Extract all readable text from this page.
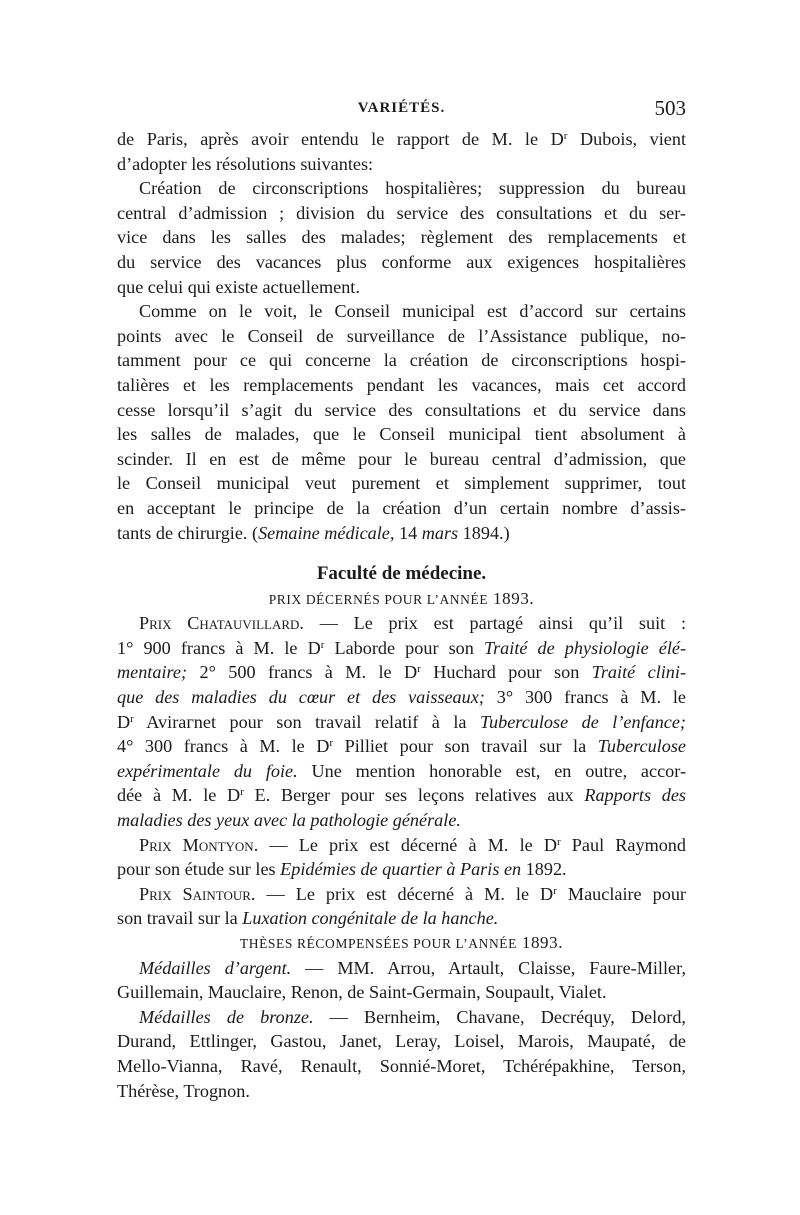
VARIÉTÉS.	503
de Paris, après avoir entendu le rapport de M. le $D^r$ Dubois, vient
d’adopter les résolutions suivantes:
Création de circonscriptions hospitalières; suppression du bureau
central d’admission ; division du service des consultations et du ser-
vice dans les salles des malades; règlement des remplacements et
du service des vacances plus conforme aux exigences hospitalières
que celui qui existe actuellement.
Comme on le voit, le Conseil municipal est d’accord sur certains
points avec le Conseil de surveillance de l’Assistance publique, no-
tamment pour ce qui concerne la création de circonscriptions hospi-
talières et les remplacements pendant les vacances, mais cet accord
cesse lorsqu’il s’agit du service des consultations et du service dans
les salles de malades, que le Conseil municipal tient absolument à
scinder. Il en est de même pour le bureau central d’admission, que
le Conseil municipal veut purement et simplement supprimer, tout
en acceptant le principe de la création d’un certain nombre d’assis-
tants de chirurgie. (Semaine médicale, 14 mars 1894.)
Faculté de médecine.
PRIX DÉCERNÉS POUR L’ANNÉE 1893.
Prix Chatauvillard. — Le prix est partagé ainsi qu’il suit :
1° 900 francs à M. le $D^r$ Laborde pour son Traité de physiologie élé-
mentaire; 2° 500 francs à M. le $D^r$ Huchard pour son Traité clini-
que des maladies du cœur et des vaisseaux; 3° 300 francs à M. le
$D^r$ Avirагnet pour son travail relatif à la Tuberculose de l’enfance;
4° 300 francs à M. le $D^r$ Pilliet pour son travail sur la Tuberculose
expérimentale du foie. Une mention honorable est, en outre, accor-
dée à M. le $D^r$ E. Berger pour ses leçons relatives aux Rapports des
maladies des yeux avec la pathologie générale.
Prix Montyon. — Le prix est décerné à M. le $D^r$ Paul Raymond
pour son étude sur les Epidémies de quartier à Paris en 1892.
Prix Saintour. — Le prix est décerné à M. le $D^r$ Mauclaire pour
son travail sur la Luxation congénitale de la hanche.
THÈSES RÉCOMPENSÉES POUR L’ANNÉE 1893.
Médailles d’argent. — MM. Arrou, Artault, Claisse, Faure-Miller,
Guillemain, Mauclaire, Renon, de Saint-Germain, Soupault, Vialet.
Médailles de bronze. — Bernheim, Chavane, Decréquy, Delord,
Durand, Ettlinger, Gastou, Janet, Leray, Loisel, Marois, Maupaté, de
Mello-Vianna, Ravé, Renault, Sonnié-Moret, Tchérépakhine, Terson,
Thérèse, Trognon.
